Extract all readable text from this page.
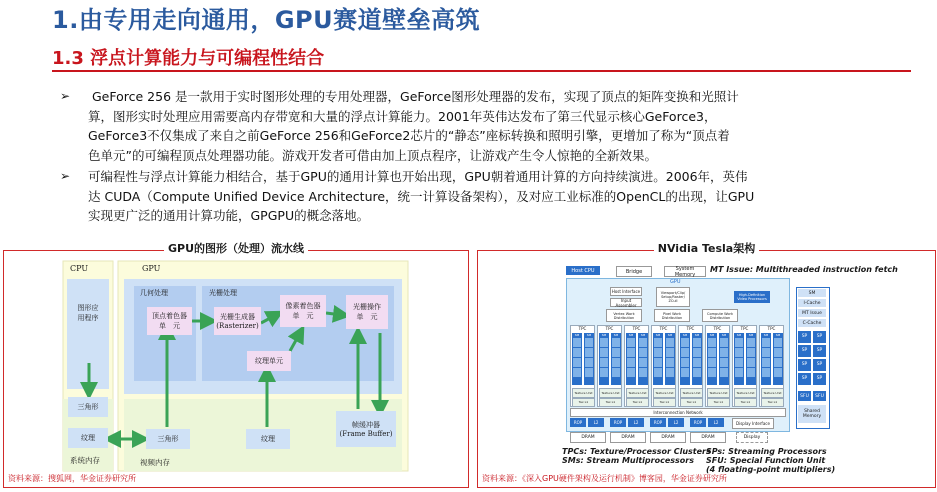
1.由专用走向通用，GPU赛道壁垒高筑
1.3 浮点计算能力与可编程性结合
➢	GeForce 256 是一款用于实时图形处理的专用处理器，GeForce图形处理器的发布，实现了顶点的矩阵变换和光照计
算，图形实时处理应用需要高内存带宽和大量的浮点计算能力。2001年英伟达发布了第三代显示核心GeForce3，
GeForce3不仅集成了来自之前GeForce 256和GeForce2芯片的“静态”座标转换和照明引擎，更增加了称为“顶点着
色单元”的可编程顶点处理器功能。游戏开发者可借由加上顶点程序，让游戏产生令人惊艳的全新效果。
➢ 可编程性与浮点计算能力相结合，基于GPU的通用计算也开始出现，GPU朝着通用计算的方向持续演进。2006年，英伟
达 CUDA（Compute Unified Device Architecture，统一计算设备架构），及对应工业标准的OpenCL的出现，让GPU
实现更广泛的通用计算功能，GPGPU的概念落地。
GPU的图形（处理）流水线
CPU	GPU
图形应
用程序
几何处理	光栅处理
顶点着色器
单　元
光栅生成器
(Rasterizer)
像素着色器
单　元
光栅操作
单　元
纹理单元
三角形
纹理	三角形	纹理
帧缓冲器
(Frame Buffer)
系统内存	视频内存
资料来源：搜狐网，华金证券研究所
NVidia Tesla架构
Host CPU	Bridge	System Memory
MT Issue: Multithreaded instruction fetch
GPU
Host Interface
Input Assembler
Viewport/Clip/
Setup/Raster/
ZCull
High-Definition
Video Processors
Vertex Work
Distribution
Pixel Work
Distribution
Compute Work
Distribution
TPC
SM	SM
Texture Unit
Tex L1
TPC
SM	SM
Texture Unit
Tex L1
TPC
SM	SM
Texture Unit
Tex L1
TPC
SM	SM
Texture Unit
Tex L1
TPC
SM	SM
Texture Unit
Tex L1
TPC
SM	SM
Texture Unit
Tex L1
TPC
SM	SM
Texture Unit
Tex L1
TPC
SM	SM
Texture Unit
Tex L1
Interconnection Network
ROP	L2	ROP	L2	ROP	L2	ROP	L2
DRAM	DRAM	DRAM	DRAM
Display Interface
Display
SM
I-Cache
MT Issue
C-Cache
SP	SP
SP	SP
SP	SP
SP	SP
SFU	SFU
Shared
Memory
TPCs: Texture/Processor Clusters
SMs: Stream Multiprocessors
SPs: Streaming Processors
SFU: Special Function Unit
(4 floating-point multipliers)
资料来源：《深入GPU硬件架构及运行机制》博客园，华金证券研究所
